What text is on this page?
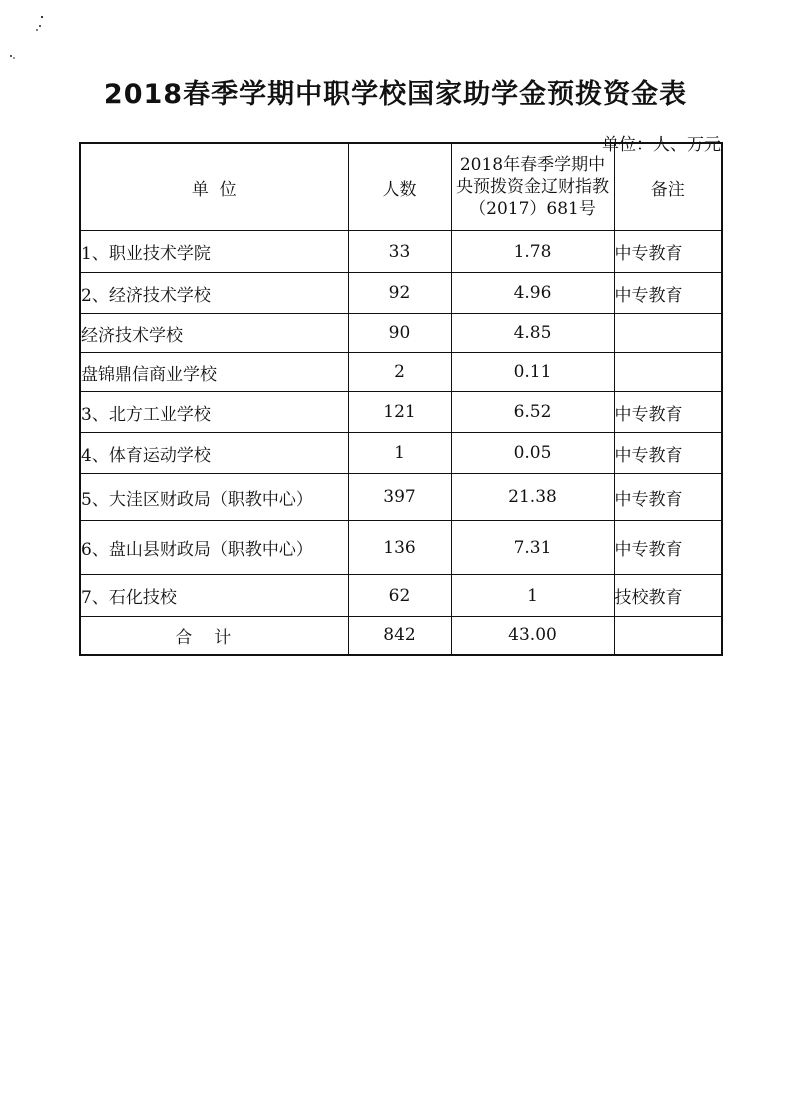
2018春季学期中职学校国家助学金预拨资金表
单位：人、万元
单  位	人数	2018年春季学期中央预拨资金辽财指教（2017）681号	备注
1、职业技术学院	33	1.78	中专教育
2、经济技术学校	92	4.96	中专教育
经济技术学校	90	4.85	
盘锦鼎信商业学校	2	0.11	
3、北方工业学校	121	6.52	中专教育
4、体育运动学校	1	0.05	中专教育
5、大洼区财政局（职教中心）	397	21.38	中专教育
6、盘山县财政局（职教中心）	136	7.31	中专教育
7、石化技校	62	1	技校教育
合计	842	43.00	
